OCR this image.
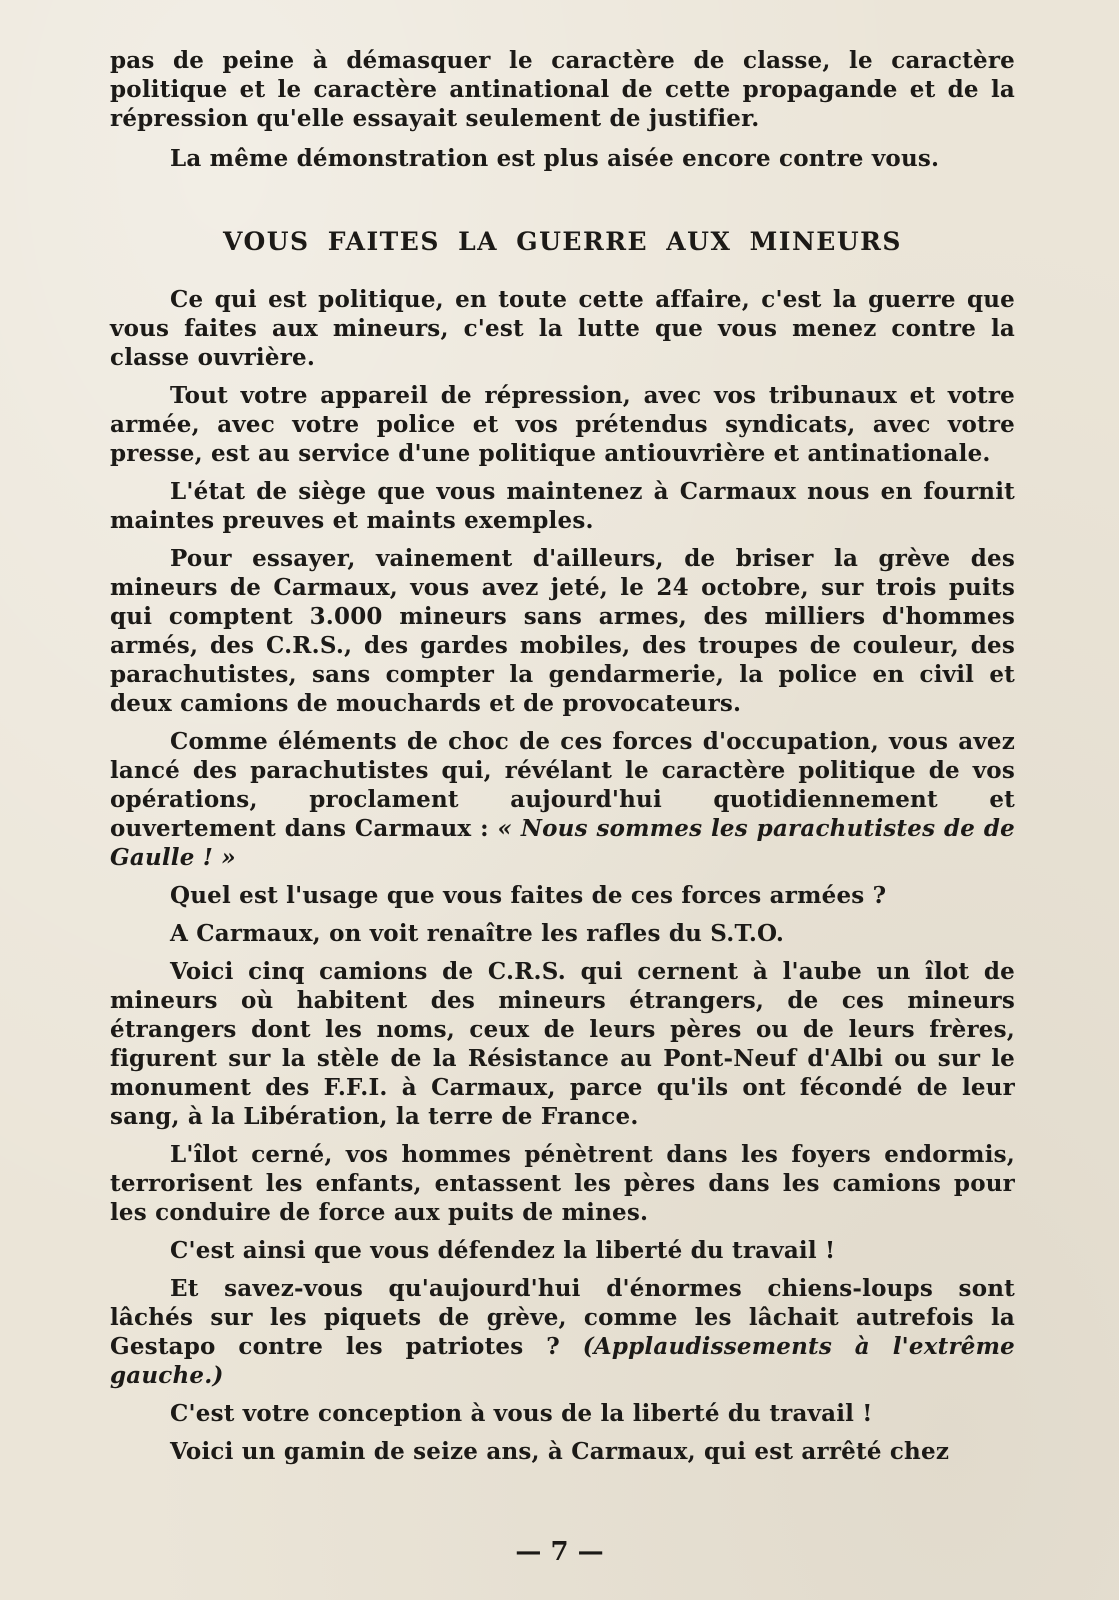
pas de peine à démasquer le caractère de classe, le caractère politique et le caractère antinational de cette propagande et de la répression qu'elle essayait seulement de justifier.

La même démonstration est plus aisée encore contre vous.

VOUS FAITES LA GUERRE AUX MINEURS

Ce qui est politique, en toute cette affaire, c'est la guerre que vous faites aux mineurs, c'est la lutte que vous menez contre la classe ouvrière.

Tout votre appareil de répression, avec vos tribunaux et votre armée, avec votre police et vos prétendus syndicats, avec votre presse, est au service d'une politique antiouvrière et antinationale.

L'état de siège que vous maintenez à Carmaux nous en fournit maintes preuves et maints exemples.

Pour essayer, vainement d'ailleurs, de briser la grève des mineurs de Carmaux, vous avez jeté, le 24 octobre, sur trois puits qui comptent 3.000 mineurs sans armes, des milliers d'hommes armés, des C.R.S., des gardes mobiles, des troupes de couleur, des parachutistes, sans compter la gendarmerie, la police en civil et deux camions de mouchards et de provocateurs.

Comme éléments de choc de ces forces d'occupation, vous avez lancé des parachutistes qui, révélant le caractère politique de vos opérations, proclament aujourd'hui quotidiennement et ouvertement dans Carmaux : « Nous sommes les parachutistes de de Gaulle ! »

Quel est l'usage que vous faites de ces forces armées ?

A Carmaux, on voit renaître les rafles du S.T.O.

Voici cinq camions de C.R.S. qui cernent à l'aube un îlot de mineurs où habitent des mineurs étrangers, de ces mineurs étrangers dont les noms, ceux de leurs pères ou de leurs frères, figurent sur la stèle de la Résistance au Pont-Neuf d'Albi ou sur le monument des F.F.I. à Carmaux, parce qu'ils ont fécondé de leur sang, à la Libération, la terre de France.

L'îlot cerné, vos hommes pénètrent dans les foyers endormis, terrorisent les enfants, entassent les pères dans les camions pour les conduire de force aux puits de mines.

C'est ainsi que vous défendez la liberté du travail !

Et savez-vous qu'aujourd'hui d'énormes chiens-loups sont lâchés sur les piquets de grève, comme les lâchait autrefois la Gestapo contre les patriotes ? (Applaudissements à l'extrême gauche.)

C'est votre conception à vous de la liberté du travail !

Voici un gamin de seize ans, à Carmaux, qui est arrêté chez

— 7 —
